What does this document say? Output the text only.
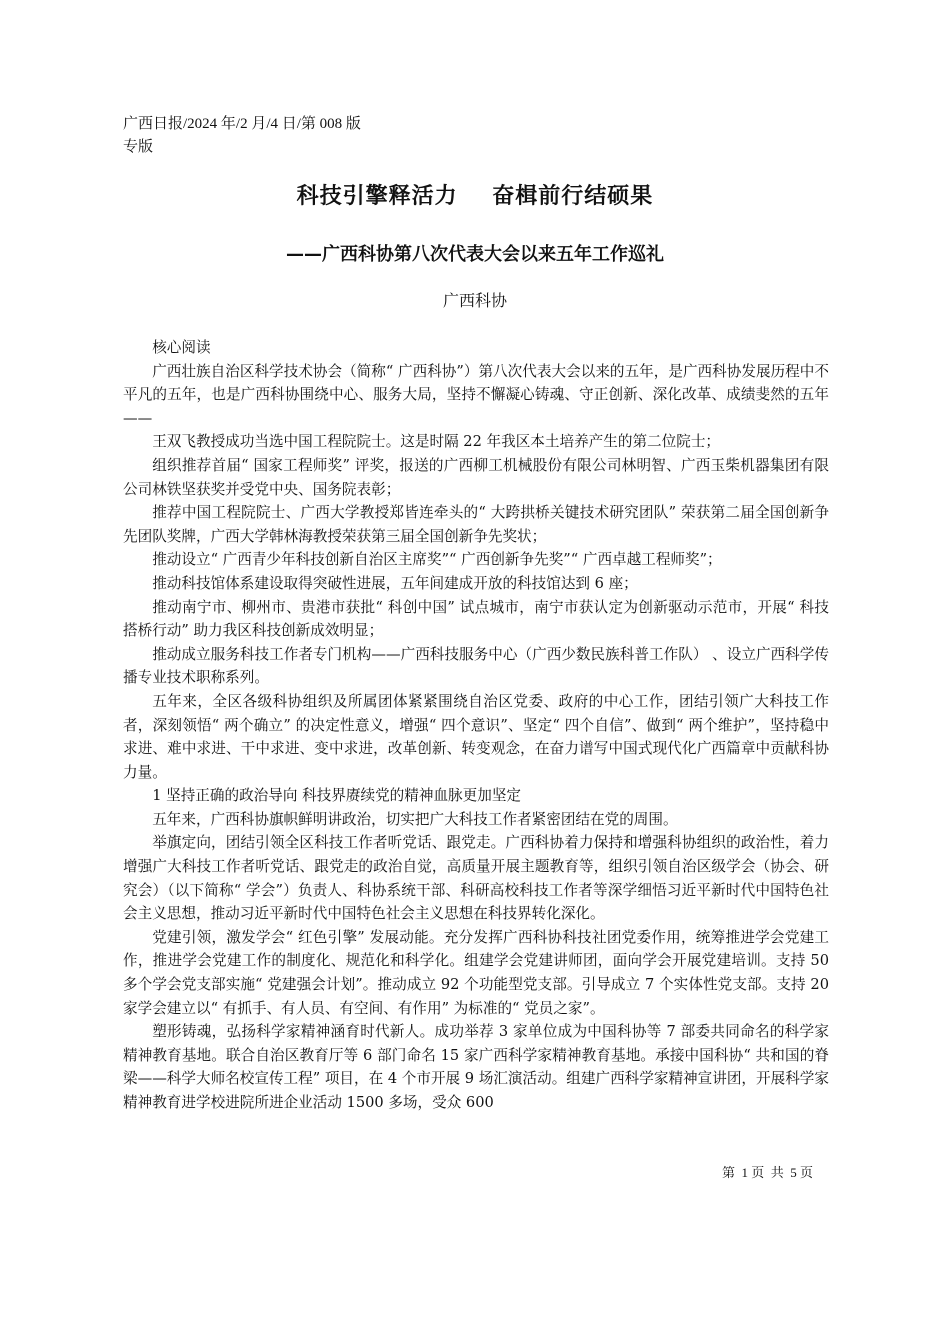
广西日报/2024 年/2 月/4 日/第 008 版专版
科技引擎释活力    奋楫前行结硕果
——广西科协第八次代表大会以来五年工作巡礼
广西科协

核心阅读

广西壮族自治区科学技术协会（简称“ 广西科协”）第八次代表大会以来的五年，是广西科协发展历程中不平凡的五年，也是广西科协围绕中心、服务大局，坚持不懈凝心铸魂、守正创新、深化改革、成绩斐然的五年——

王双飞教授成功当选中国工程院院士。这是时隔 22 年我区本土培养产生的第二位院士；

组织推荐首届“ 国家工程师奖” 评奖，报送的广西柳工机械股份有限公司林明智、广西玉柴机器集团有限公司林铁坚获奖并受党中央、国务院表彰；

推荐中国工程院院士、广西大学教授郑皆连牵头的“ 大跨拱桥关键技术研究团队” 荣获第二届全国创新争先团队奖牌，广西大学韩林海教授荣获第三届全国创新争先奖状；

推动设立“ 广西青少年科技创新自治区主席奖”“ 广西创新争先奖”“ 广西卓越工程师奖”；

推动科技馆体系建设取得突破性进展，五年间建成开放的科技馆达到 6 座；

推动南宁市、柳州市、贵港市获批“ 科创中国” 试点城市，南宁市获认定为创新驱动示范市，开展“ 科技搭桥行动” 助力我区科技创新成效明显；

推动成立服务科技工作者专门机构——广西科技服务中心（广西少数民族科普工作队） 、设立广西科学传播专业技术职称系列。

五年来，全区各级科协组织及所属团体紧紧围绕自治区党委、政府的中心工作，团结引领广大科技工作者，深刻领悟“ 两个确立” 的决定性意义，增强“ 四个意识”、坚定“ 四个自信”、做到“ 两个维护”，坚持稳中求进、难中求进、干中求进、变中求进，改革创新、转变观念，在奋力谱写中国式现代化广西篇章中贡献科协力量。

1 坚持正确的政治导向 科技界赓续党的精神血脉更加坚定

五年来，广西科协旗帜鲜明讲政治，切实把广大科技工作者紧密团结在党的周围。

举旗定向，团结引领全区科技工作者听党话、跟党走。广西科协着力保持和增强科协组织的政治性，着力增强广大科技工作者听党话、跟党走的政治自觉，高质量开展主题教育等，组织引领自治区级学会（协会、研究会）（以下简称“ 学会”）负责人、科协系统干部、科研高校科技工作者等深学细悟习近平新时代中国特色社会主义思想，推动习近平新时代中国特色社会主义思想在科技界转化深化。

党建引领，激发学会“ 红色引擎” 发展动能。充分发挥广西科协科技社团党委作用，统筹推进学会党建工作，推进学会党建工作的制度化、规范化和科学化。组建学会党建讲师团，面向学会开展党建培训。支持 50 多个学会党支部实施“ 党建强会计划”。推动成立 92 个功能型党支部。引导成立 7 个实体性党支部。支持 20 家学会建立以“ 有抓手、有人员、有空间、有作用” 为标准的“ 党员之家”。

塑形铸魂，弘扬科学家精神涵育时代新人。成功举荐 3 家单位成为中国科协等 7 部委共同命名的科学家精神教育基地。联合自治区教育厅等 6 部门命名 15 家广西科学家精神教育基地。承接中国科协“ 共和国的脊梁——科学大师名校宣传工程” 项目，在 4 个市开展 9 场汇演活动。组建广西科学家精神宣讲团，开展科学家精神教育进学校进院所进企业活动 1500 多场，受众 600

第  1 页  共  5 页
